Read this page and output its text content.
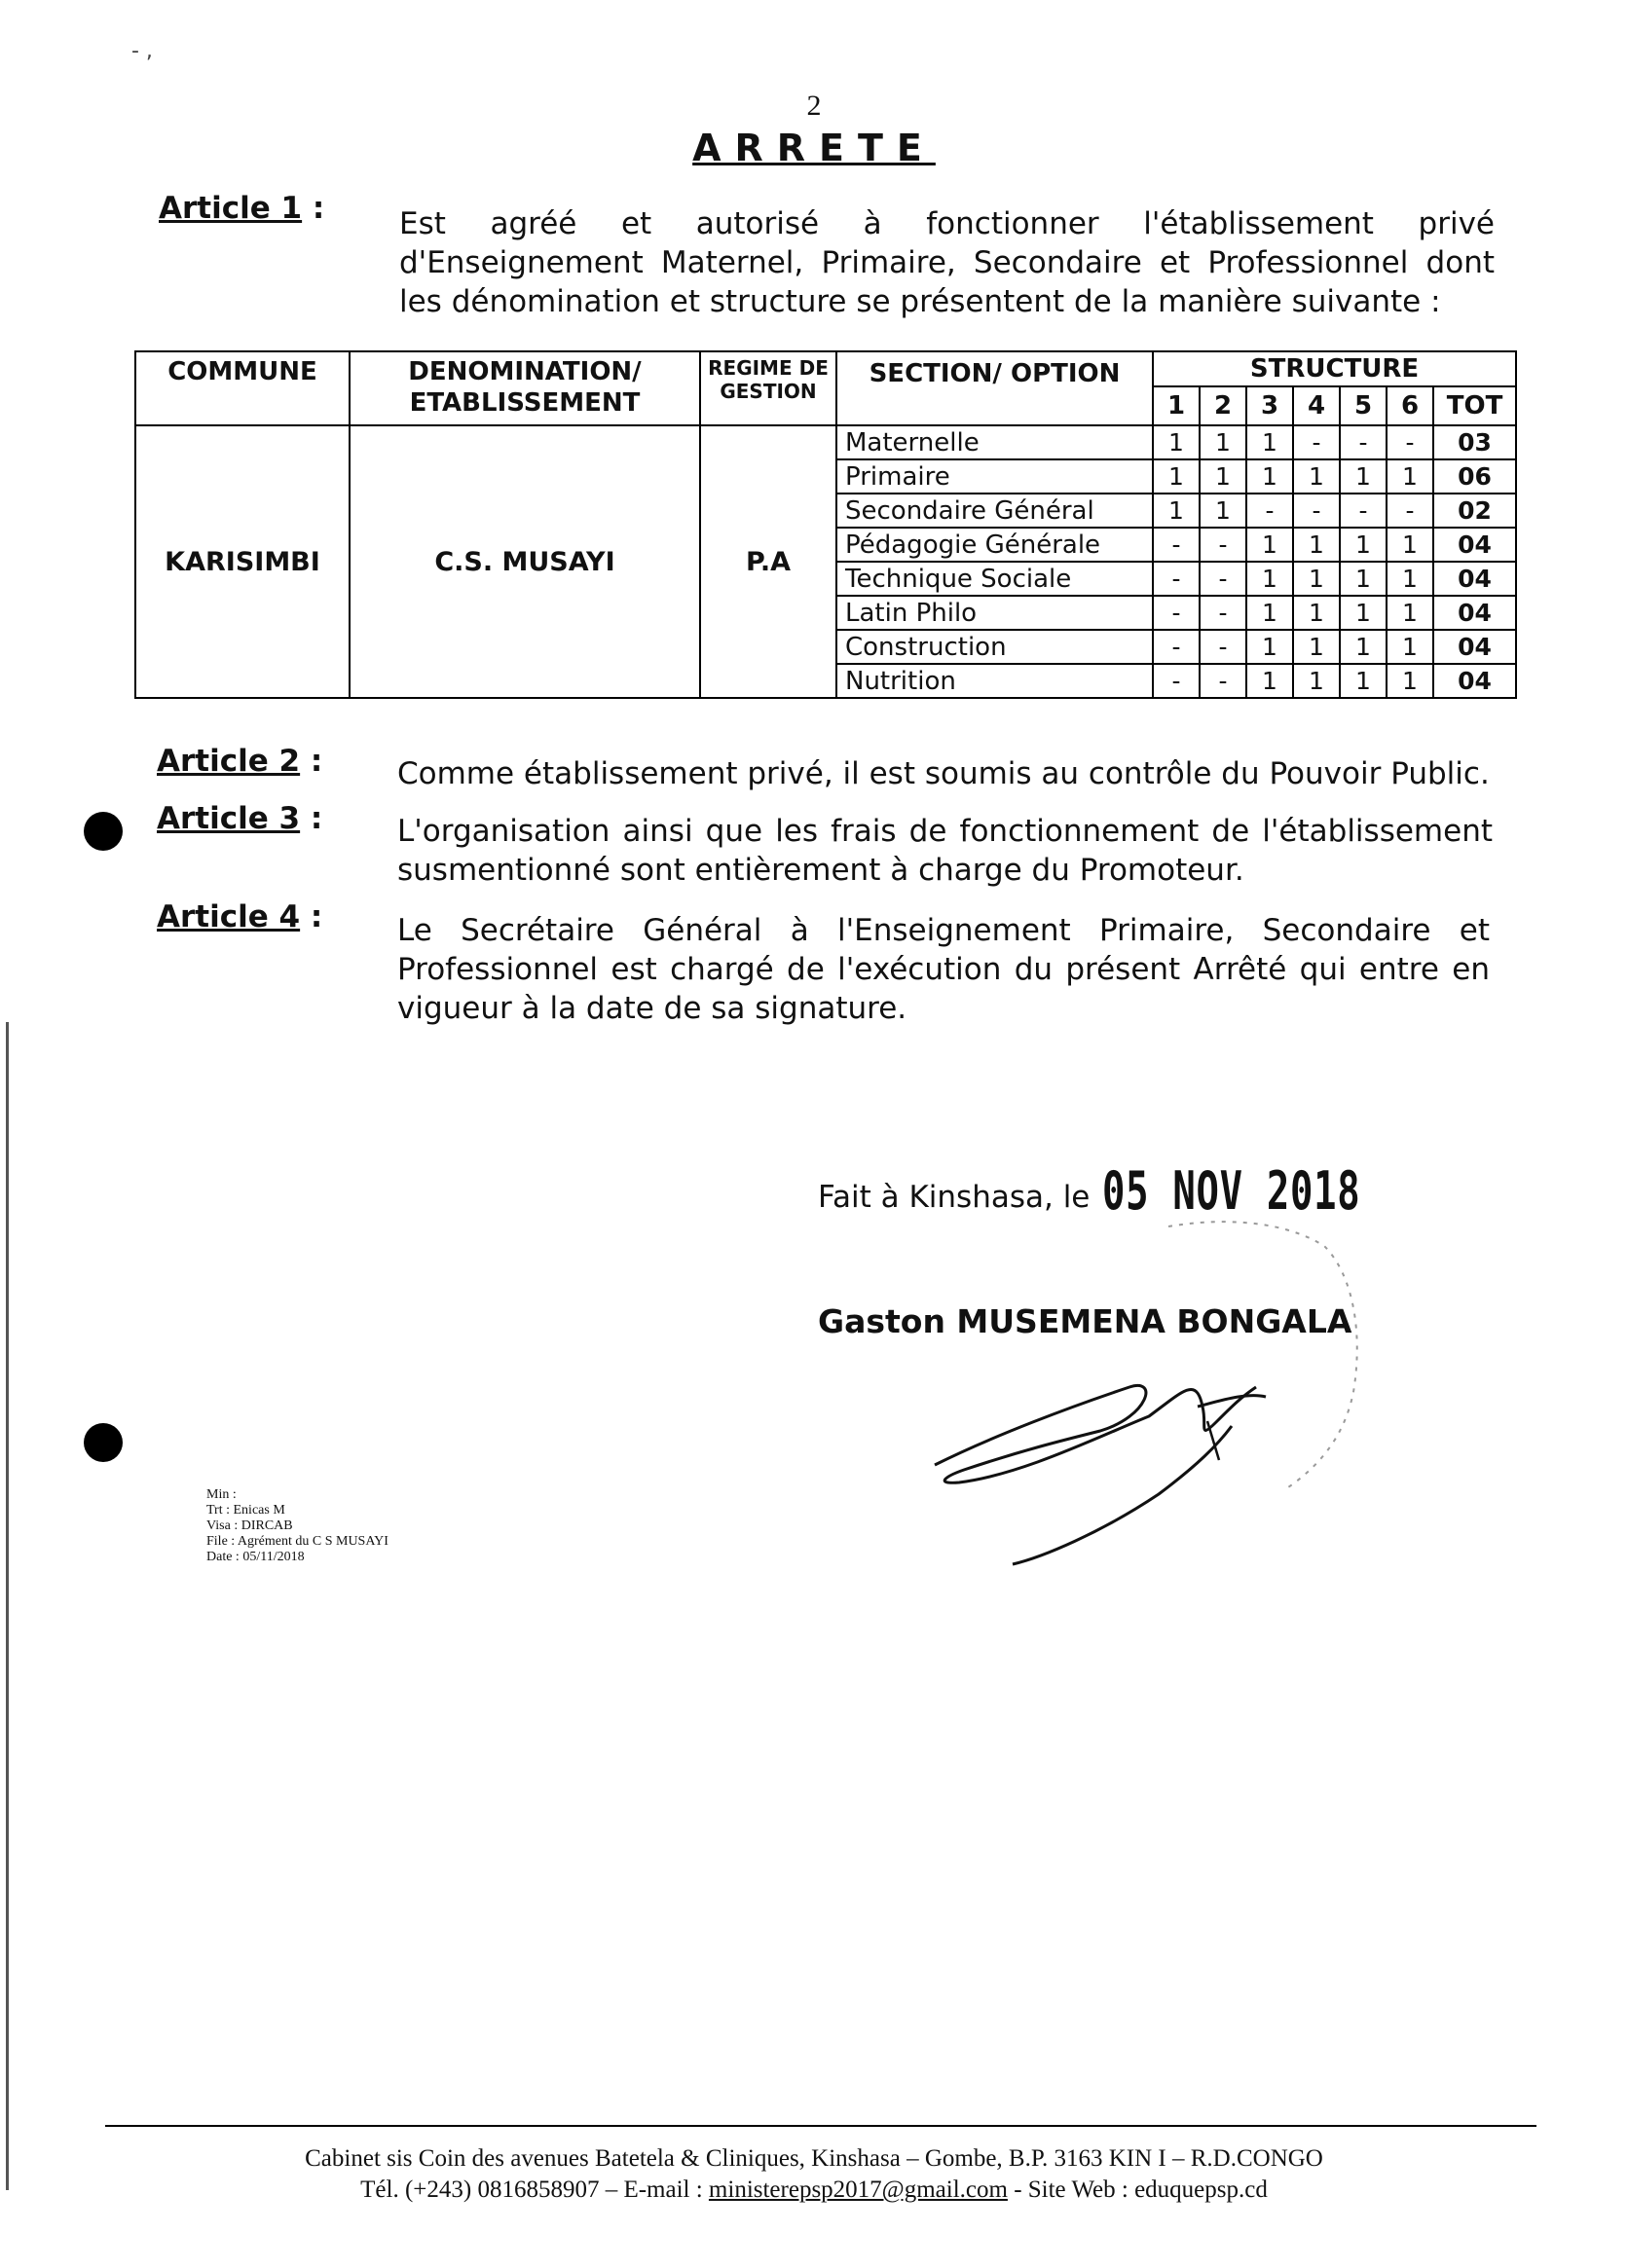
- ,
2
ARRETE
Article 1 : Est agréé et autorisé à fonctionner l'établissement privé d'Enseignement Maternel, Primaire, Secondaire et Professionnel dont les dénomination et structure se présentent de la manière suivante :
COMMUNE	DENOMINATION/ ETABLISSEMENT	REGIME DE GESTION	SECTION/ OPTION	STRUCTURE						
				1	2	3	4	5	6	TOT
KARISIMBI	C.S. MUSAYI	P.A	Maternelle	1	1	1	-	-	-	03
			Primaire	1	1	1	1	1	1	06
			Secondaire Général	1	1	-	-	-	-	02
			Pédagogie Générale	-	-	1	1	1	1	04
			Technique Sociale	-	-	1	1	1	1	04
			Latin Philo	-	-	1	1	1	1	04
			Construction	-	-	1	1	1	1	04
			Nutrition	-	-	1	1	1	1	04
Article 2 : Comme établissement privé, il est soumis au contrôle du Pouvoir Public.
Article 3 : L'organisation ainsi que les frais de fonctionnement de l'établissement susmentionné sont entièrement à charge du Promoteur.
Article 4 : Le Secrétaire Général à l'Enseignement Primaire, Secondaire et Professionnel est chargé de l'exécution du présent Arrêté qui entre en vigueur à la date de sa signature.
Fait à Kinshasa, le 05 NOV 2018
Gaston MUSEMENA BONGALA
Min :
Trt : Enicas M
Visa : DIRCAB
File : Agrément du C S MUSAYI
Date : 05/11/2018
Cabinet sis Coin des avenues Batetela & Cliniques, Kinshasa – Gombe, B.P. 3163 KIN I – R.D.CONGO
Tél. (+243) 0816858907 – E-mail : ministerepsp2017@gmail.com - Site Web : eduquepsp.cd
